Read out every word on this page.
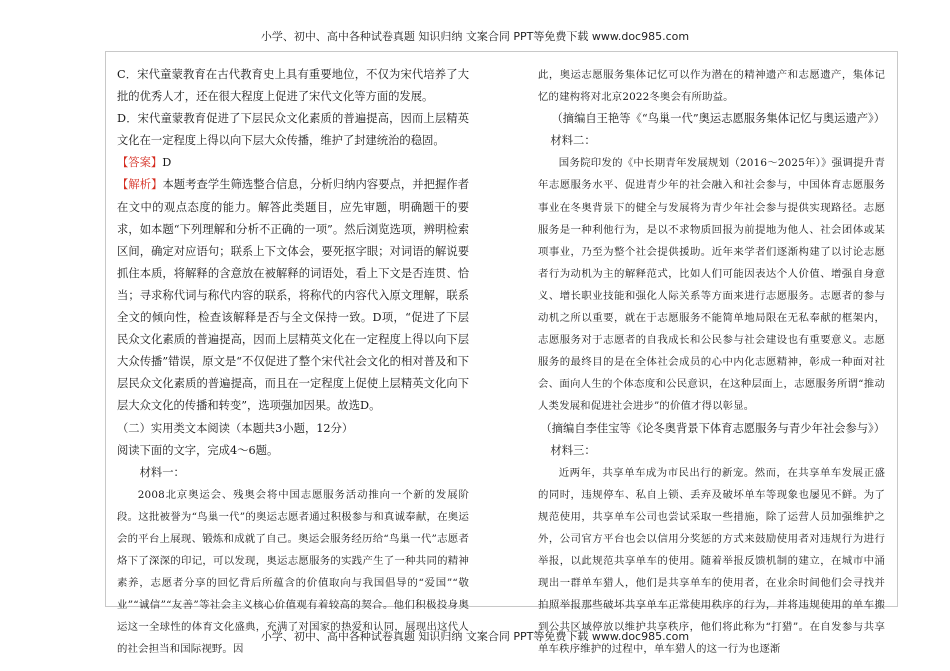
小学、初中、高中各种试卷真题 知识归纳 文案合同 PPT等免费下载 www.doc985.com

C．宋代童蒙教育在古代教育史上具有重要地位，不仅为宋代培养了大批的优秀人才，还在很大程度上促进了宋代文化等方面的发展。

D．宋代童蒙教育促进了下层民众文化素质的普遍提高，因而上层精英文化在一定程度上得以向下层大众传播，维护了封建统治的稳固。

【答案】D

【解析】本题考查学生筛选整合信息，分析归纳内容要点，并把握作者在文中的观点态度的能力。解答此类题目，应先审题，明确题干的要求，如本题“下列理解和分析不正确的一项”。然后浏览选项，辨明检索区间，确定对应语句；联系上下文体会，要死抠字眼；对词语的解说要抓住本质，将解释的含意放在被解释的词语处，看上下文是否连贯、恰当；寻求称代词与称代内容的联系，将称代的内容代入原文理解，联系全文的倾向性，检查该解释是否与全文保持一致。D项，“促进了下层民众文化素质的普遍提高，因而上层精英文化在一定程度上得以向下层大众传播”错误，原文是“不仅促进了整个宋代社会文化的相对普及和下层民众文化素质的普遍提高，而且在一定程度上促使上层精英文化向下层大众文化的传播和转变”，选项强加因果。故选D。

（二）实用类文本阅读（本题共3小题，12分）

阅读下面的文字，完成4～6题。

材料一：

2008北京奥运会、残奥会将中国志愿服务活动推向一个新的发展阶段。这批被誉为“鸟巢一代”的奥运志愿者通过积极参与和真诚奉献，在奥运会的平台上展现、锻炼和成就了自己。奥运会服务经历给“鸟巢一代”志愿者烙下了深深的印记，可以发现，奥运志愿服务的实践产生了一种共同的精神素养，志愿者分享的回忆背后所蕴含的价值取向与我国倡导的“爱国”“敬业”“诚信”“友善”等社会主义核心价值观有着较高的契合。他们积极投身奥运这一全球性的体育文化盛典，充满了对国家的热爱和认同，展现出这代人的社会担当和国际视野。因

此，奥运志愿服务集体记忆可以作为潜在的精神遗产和志愿遗产，集体记忆的建构将对北京2022冬奥会有所助益。

（摘编自王艳等《“鸟巢一代”奥运志愿服务集体记忆与奥运遗产》）

材料二：

国务院印发的《中长期青年发展规划（2016～2025年）》强调提升青年志愿服务水平、促进青少年的社会融入和社会参与，中国体育志愿服务事业在冬奥背景下的健全与发展将为青少年社会参与提供实现路径。志愿服务是一种利他行为，是以不求物质回报为前提地为他人、社会团体或某项事业，乃至为整个社会提供援助。近年来学者们逐渐构建了以讨论志愿者行为动机为主的解释范式，比如人们可能因表达个人价值、增强自身意义、增长职业技能和强化人际关系等方面来进行志愿服务。志愿者的参与动机之所以重要，就在于志愿服务不能简单地局限在无私奉献的框架内，志愿服务对于志愿者的自我成长和公民参与社会建设也有重要意义。志愿服务的最终目的是在全体社会成员的心中内化志愿精神，彰成一种面对社会、面向人生的个体态度和公民意识，在这种层面上，志愿服务所谓“推动人类发展和促进社会进步”的价值才得以彰显。

（摘编自李佳宝等《论冬奥背景下体育志愿服务与青少年社会参与》）

材料三：

近两年，共享单车成为市民出行的新宠。然而，在共享单车发展正盛的同时，违规停车、私自上锁、丢弃及破坏单车等现象也屡见不鲜。为了规范使用，共享单车公司也尝试采取一些措施，除了运营人员加强维护之外，公司官方平台也会以信用分奖惩的方式来鼓励使用者对违规行为进行举报，以此规范共享单车的使用。随着举报反馈机制的建立，在城市中涌现出一群单车猎人，他们是共享单车的使用者，在业余时间他们会寻找并拍照举报那些破坏共享单车正常使用秩序的行为，并将违规使用的单车搬到公共区域停放以维护共享秩序，他们将此称为“打猎”。在自发参与共享单车秩序维护的过程中，单车猎人的这一行为也逐渐

小学、初中、高中各种试卷真题 知识归纳 文案合同 PPT等免费下载 www.doc985.com
